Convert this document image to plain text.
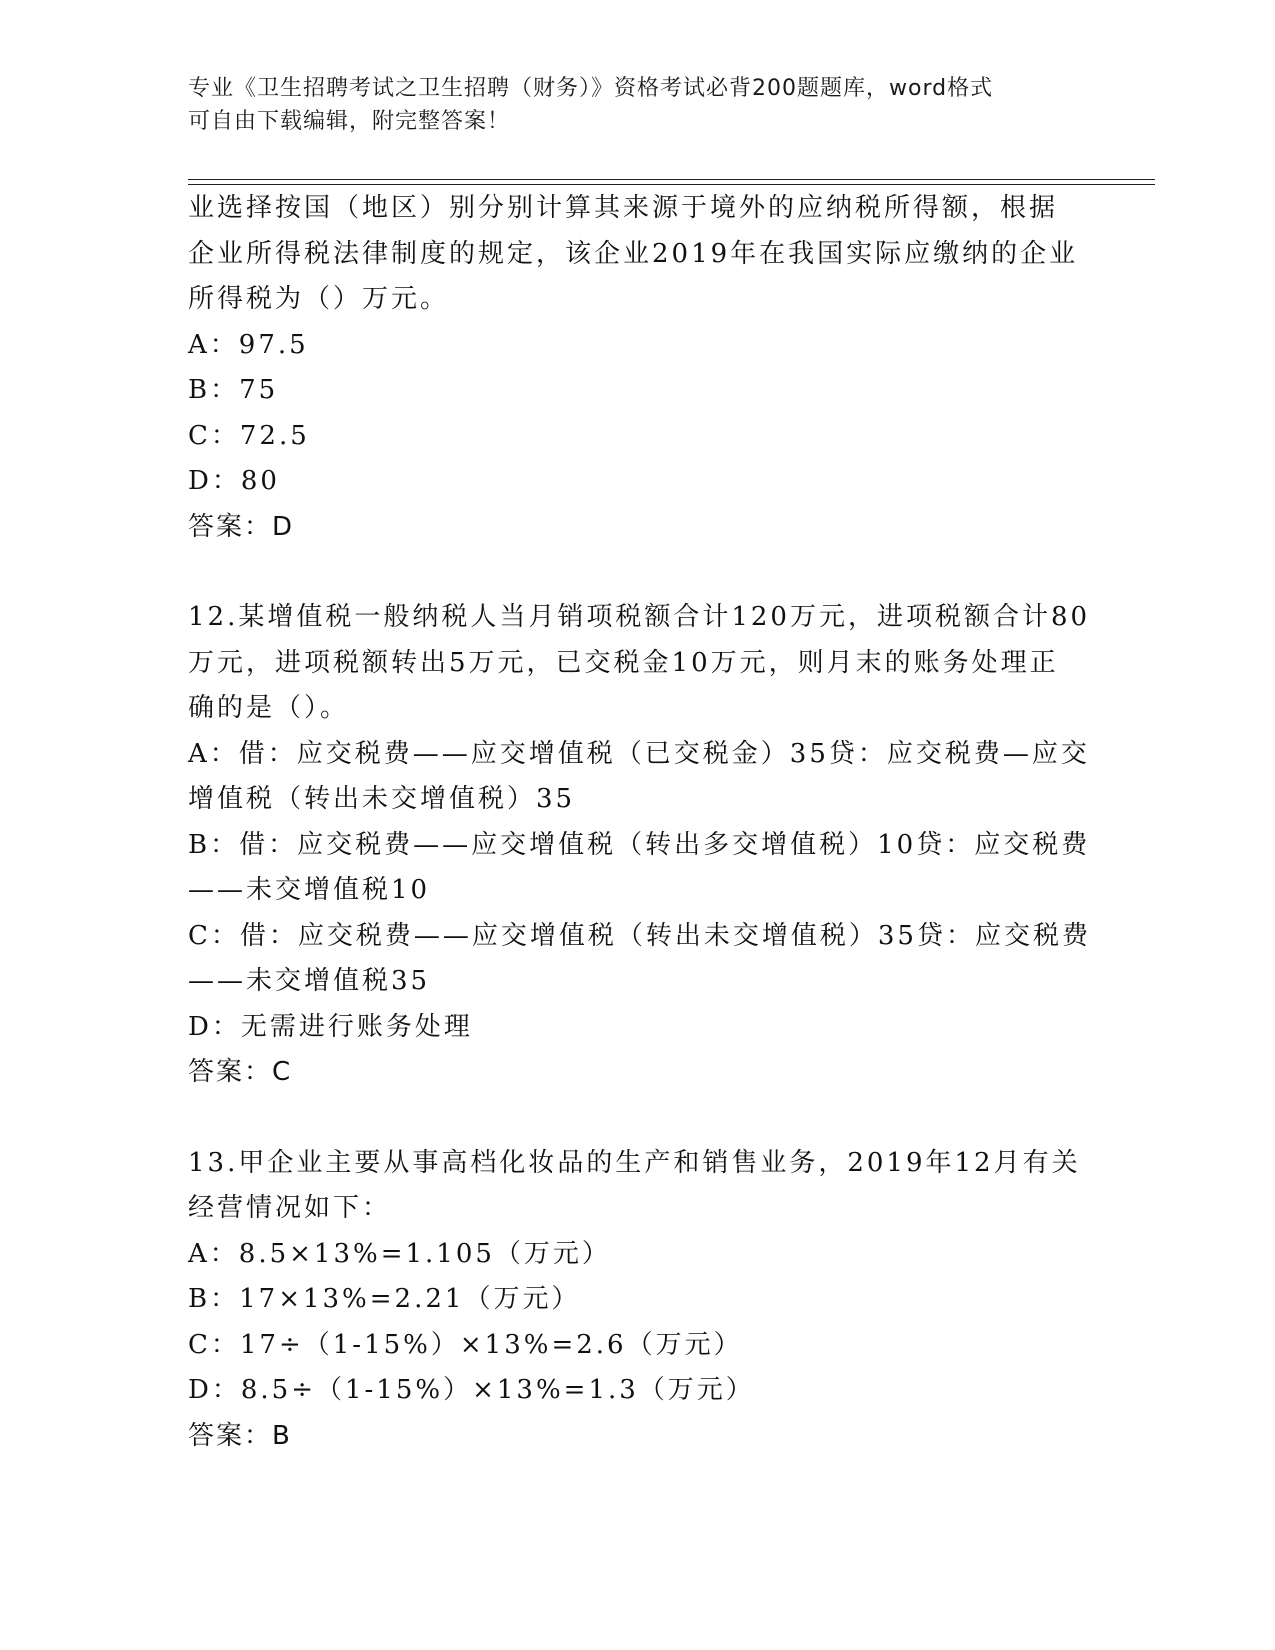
专业《卫生招聘考试之卫生招聘（财务）》资格考试必背200题题库，word格式

可自由下载编辑，附完整答案！

业选择按国（地区）别分别计算其来源于境外的应纳税所得额，根据

企业所得税法律制度的规定，该企业2019年在我国实际应缴纳的企业

所得税为（）万元。

A：97.5

B：75

C：72.5

D：80

答案：D

12.某增值税一般纳税人当月销项税额合计120万元，进项税额合计80

万元，进项税额转出5万元，已交税金10万元，则月末的账务处理正

确的是（）。

A：借：应交税费——应交增值税（已交税金）35贷：应交税费—应交

增值税（转出未交增值税）35

B：借：应交税费——应交增值税（转出多交增值税）10贷：应交税费

——未交增值税10

C：借：应交税费——应交增值税（转出未交增值税）35贷：应交税费

——未交增值税35

D：无需进行账务处理

答案：C

13.甲企业主要从事高档化妆品的生产和销售业务，2019年12月有关

经营情况如下：

A：8.5×13%=1.105（万元）

B：17×13%=2.21（万元）

C：17÷（1-15%）×13%=2.6（万元）

D：8.5÷（1-15%）×13%=1.3（万元）

答案：B
